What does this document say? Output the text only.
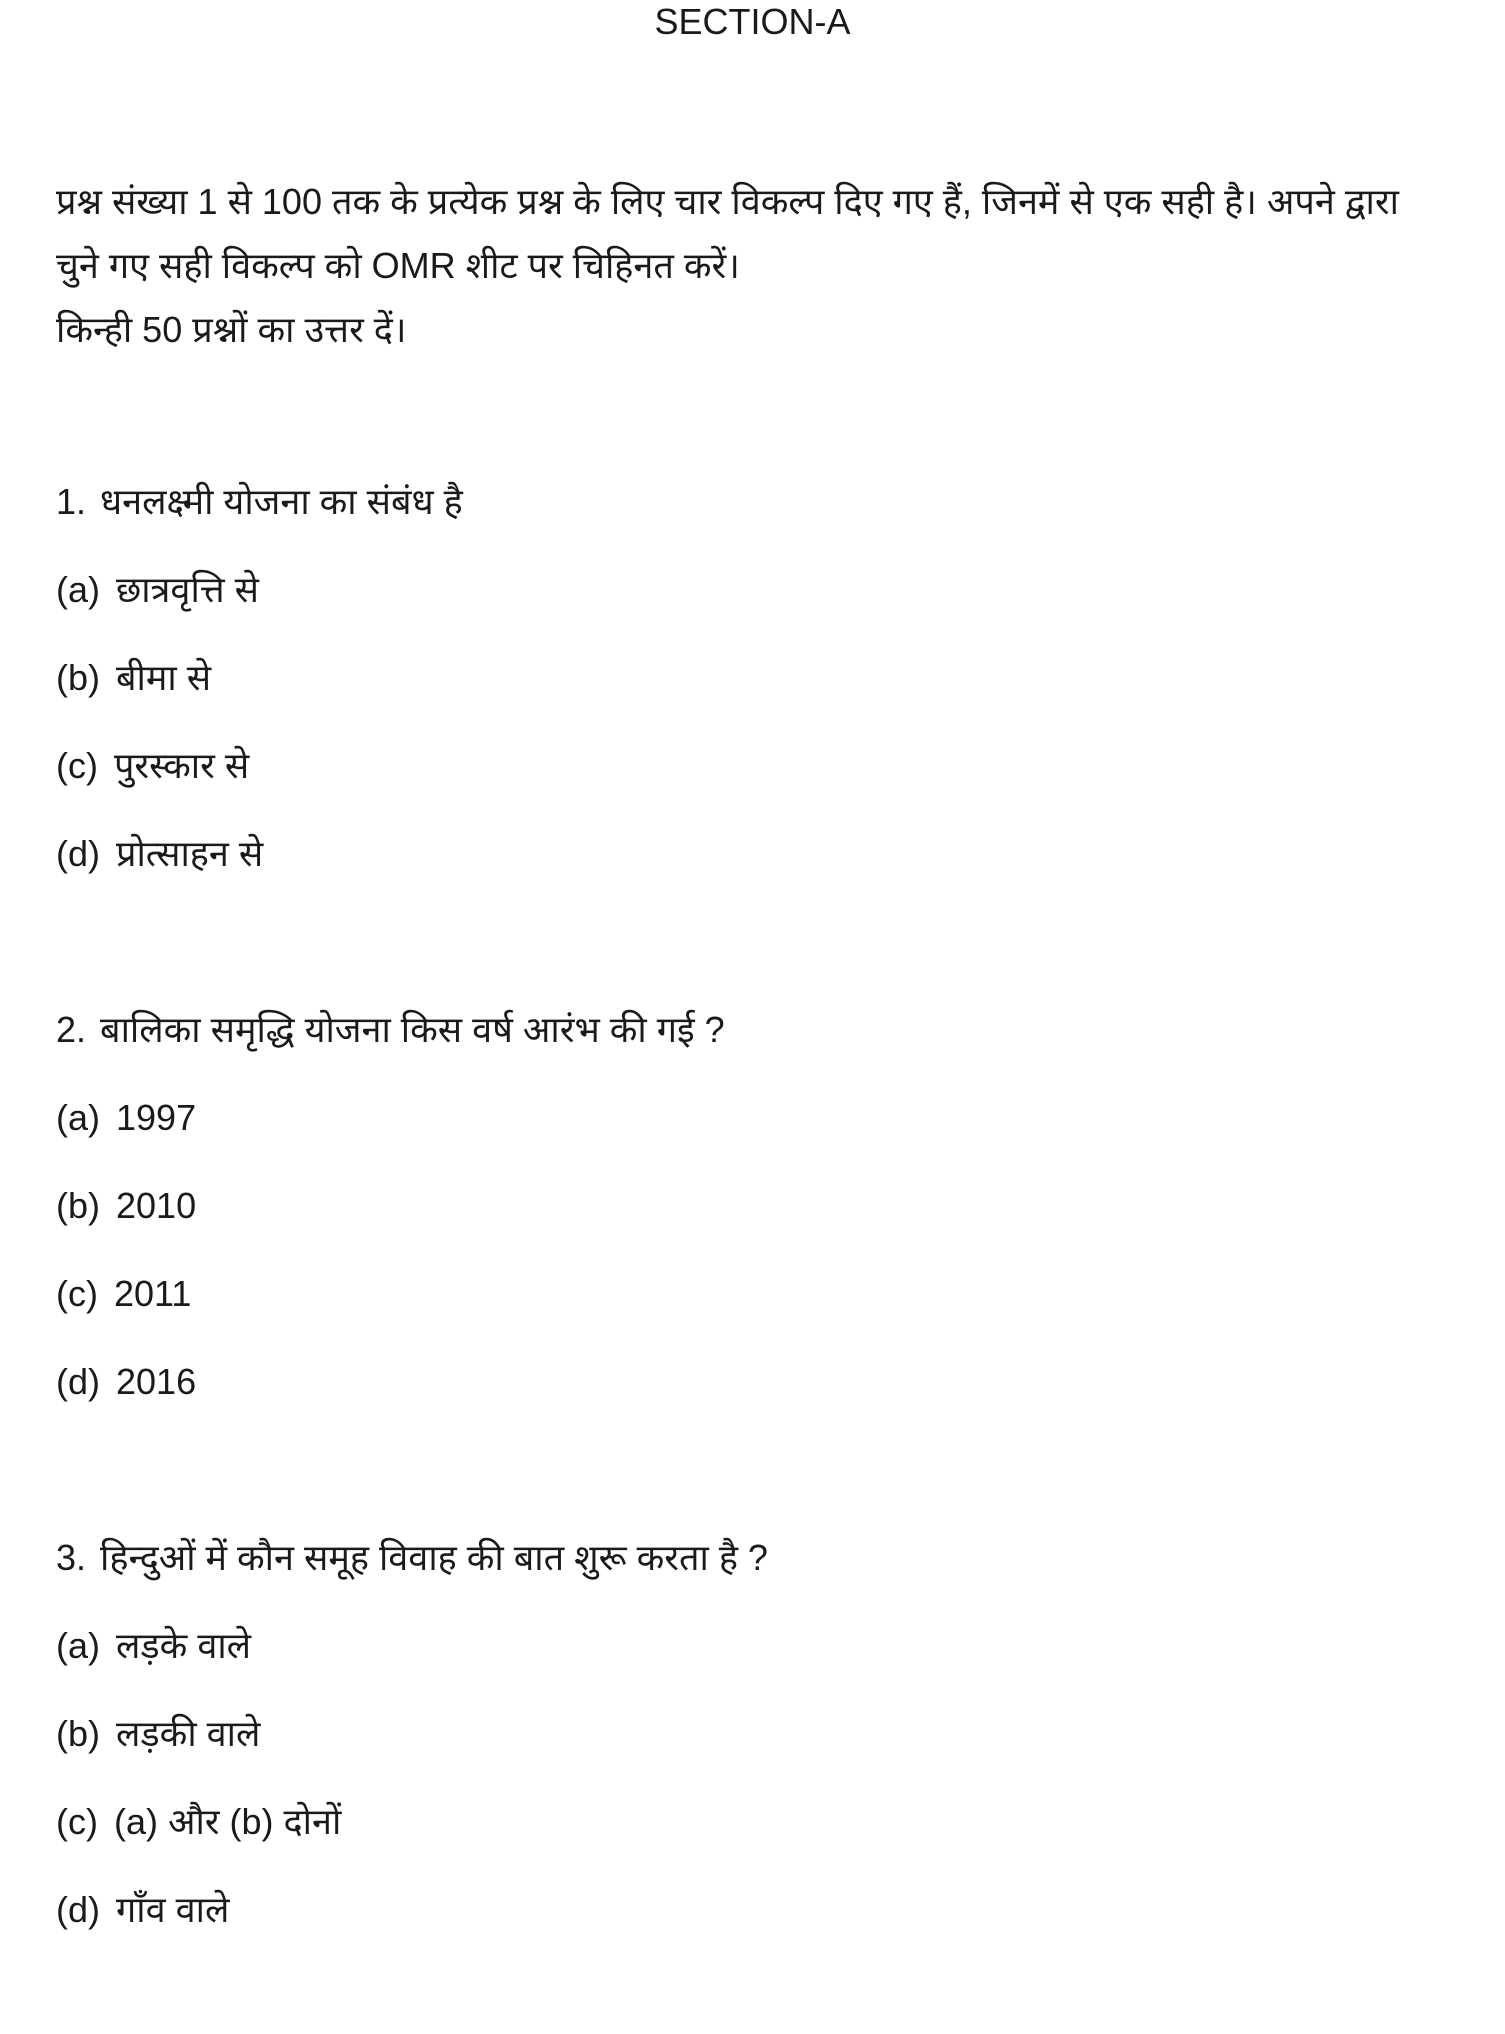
SECTION-A

प्रश्न संख्या 1 से 100 तक के प्रत्येक प्रश्न के लिए चार विकल्प दिए गए हैं, जिनमें से एक सही है। अपने द्वारा चुने गए सही विकल्प को OMR शीट पर चिहिनत करें।

किन्ही 50 प्रश्नों का उत्तर दें।

1. धनलक्ष्मी योजना का संबंध है

(a) छात्रवृत्ति से
(b) बीमा से
(c) पुरस्कार से
(d) प्रोत्साहन से

2. बालिका समृद्धि योजना किस वर्ष आरंभ की गई ?

(a) 1997
(b) 2010
(c) 2011
(d) 2016

3. हिन्दुओं में कौन समूह विवाह की बात शुरू करता है ?

(a) लड़के वाले
(b) लड़की वाले
(c) (a) और (b) दोनों
(d) गाँव वाले
